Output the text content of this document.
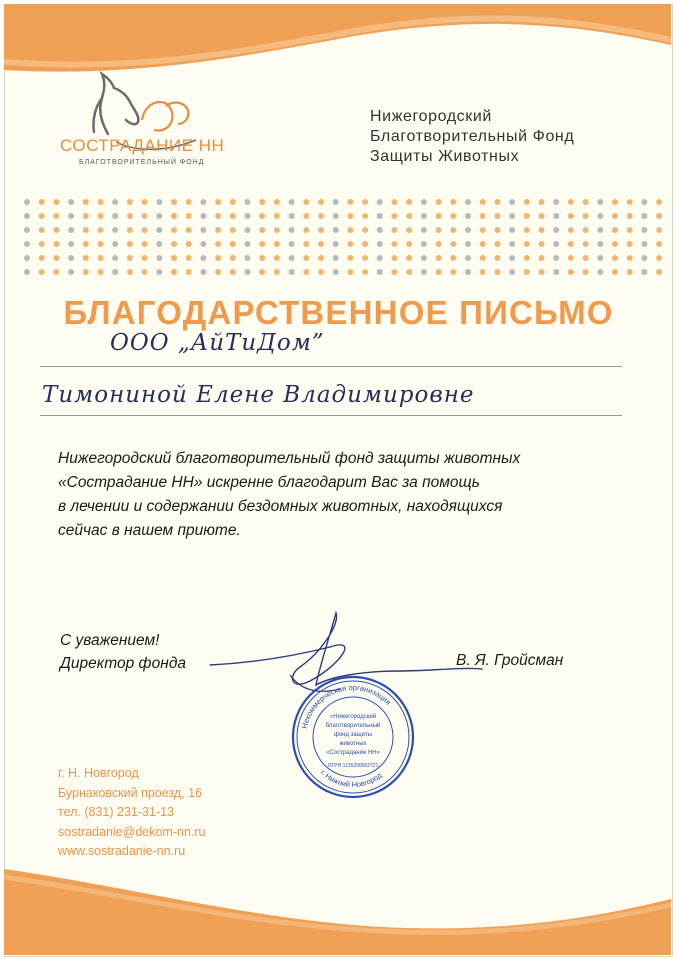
СОСТРАДАНИЕ НН
БЛАГОТВОРИТЕЛЬНЫЙ ФОНД
Нижегородский
Благотворительный Фонд
Защиты Животных
БЛАГОДАРСТВЕННОЕ ПИСЬМО
ООО „АйТиДом”
Тимониной Елене Владимировне
Нижегородский благотворительный фонд защиты животных
«Сострадание НН» искренне благодарит Вас за помощь
в лечении и содержании бездомных животных, находящихся
сейчас в нашем приюте.
С уважением!
Директор фонда	В. Я. Гройсман
Некоммерческая организация
г. Нижний Новгород
«Нижегородский
благотворительный
фонд защиты
животных
«Сострадание НН»
ОГРН 1135200002721
г. Н. Новгород
Бурнаковский проезд, 16
тел. (831) 231-31-13
sostradanie@dekom-nn.ru
www.sostradanie-nn.ru
